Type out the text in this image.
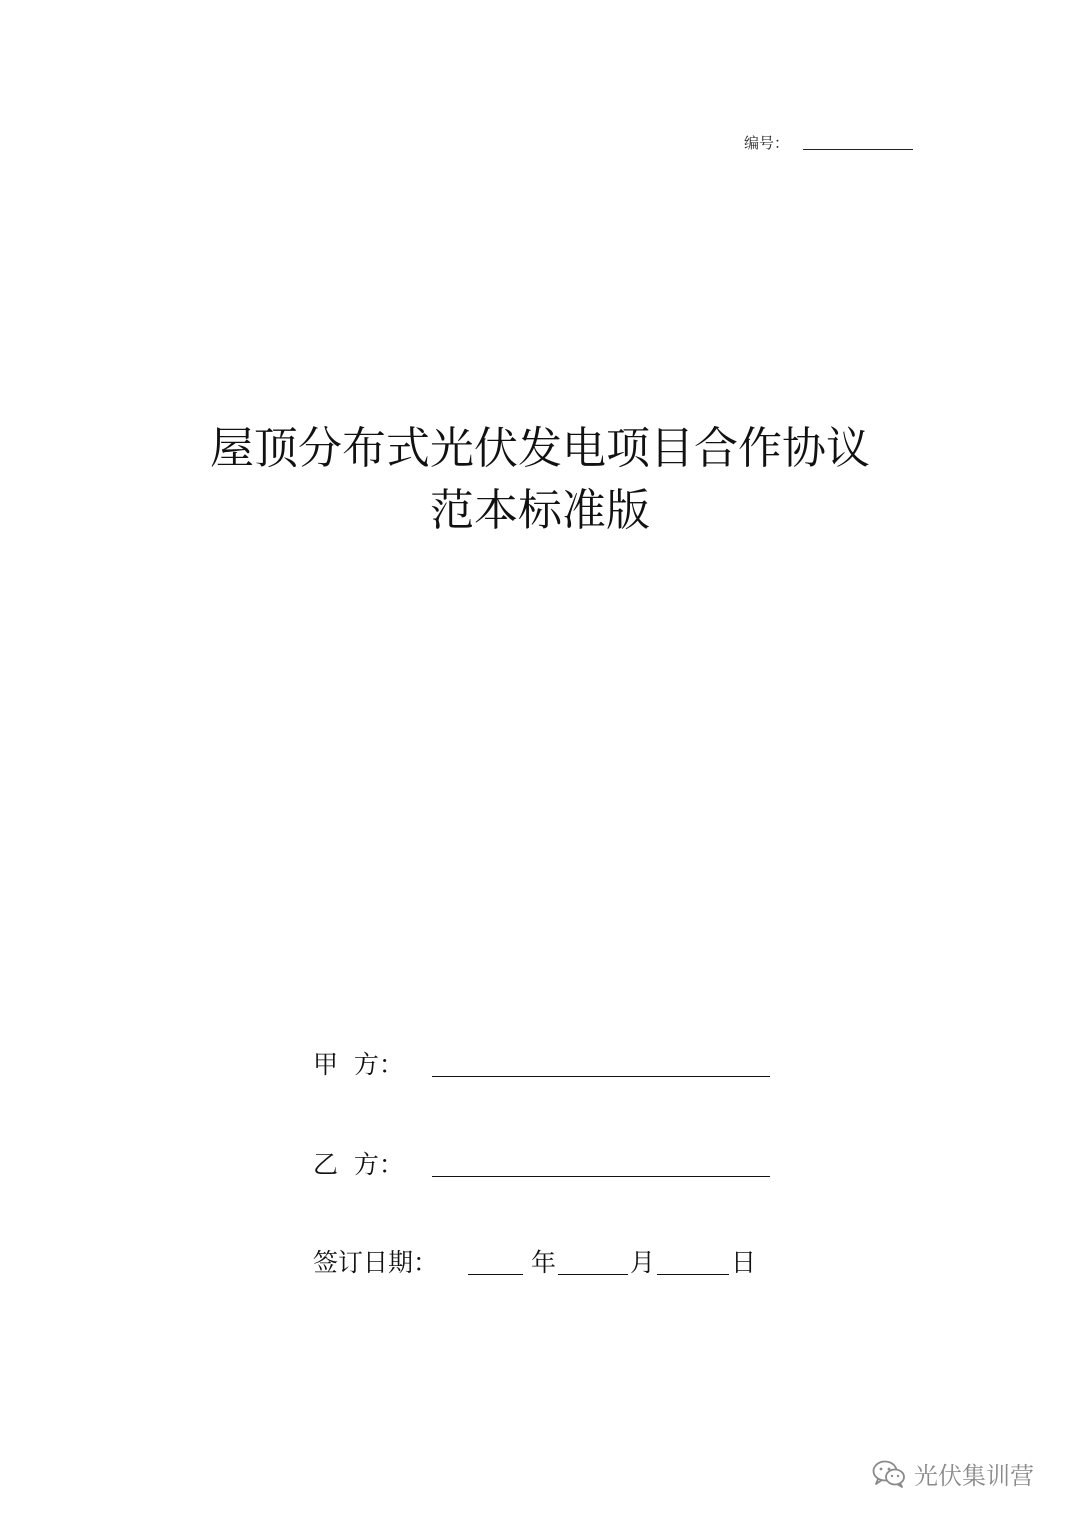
编号：
屋顶分布式光伏发电项目合作协议
范本标准版
甲  方：
乙  方：
签订日期：	年	月	日
光伏集训营
